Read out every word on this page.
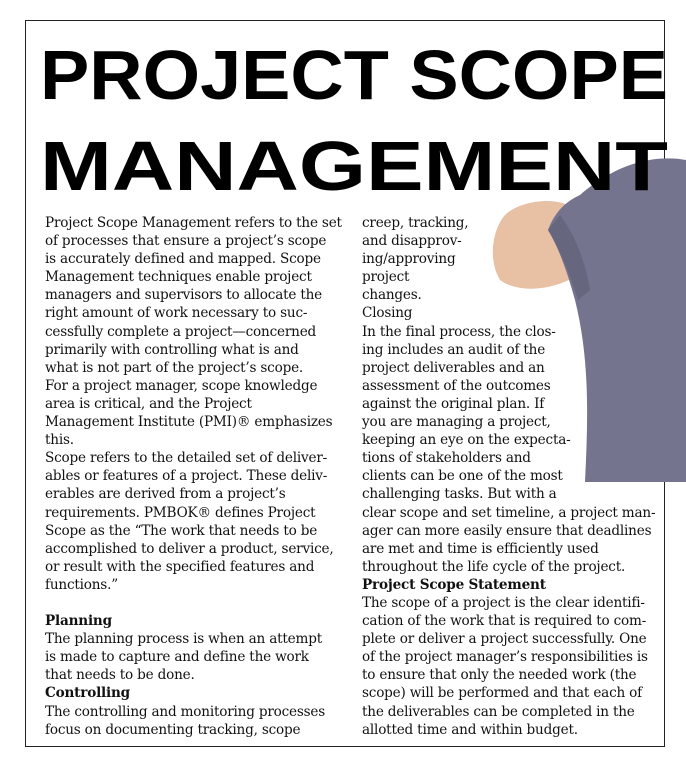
PROJECT SCOPE
MANAGEMENT
Project Scope Management refers to the set
of processes that ensure a project’s scope
is accurately defined and mapped. Scope
Management techniques enable project
managers and supervisors to allocate the
right amount of work necessary to suc-
cessfully complete a project—concerned
primarily with controlling what is and
what is not part of the project’s scope.
For a project manager, scope knowledge
area is critical, and the Project
Management Institute (PMI)® emphasizes
this.
Scope refers to the detailed set of deliver-
ables or features of a project. These deliv-
erables are derived from a project’s
requirements. PMBOK® defines Project
Scope as the “The work that needs to be
accomplished to deliver a product, service,
or result with the specified features and
functions.”
Planning
The planning process is when an attempt
is made to capture and define the work
that needs to be done.
Controlling
The controlling and monitoring processes
focus on documenting tracking, scope
creep, tracking,
and disapprov-
ing/approving
project
changes.
Closing
In the final process, the clos-
ing includes an audit of the
project deliverables and an
assessment of the outcomes
against the original plan. If
you are managing a project,
keeping an eye on the expecta-
tions of stakeholders and
clients can be one of the most
challenging tasks. But with a
clear scope and set timeline, a project man-
ager can more easily ensure that deadlines
are met and time is efficiently used
throughout the life cycle of the project.
Project Scope Statement
The scope of a project is the clear identifi-
cation of the work that is required to com-
plete or deliver a project successfully. One
of the project manager’s responsibilities is
to ensure that only the needed work (the
scope) will be performed and that each of
the deliverables can be completed in the
allotted time and within budget.
